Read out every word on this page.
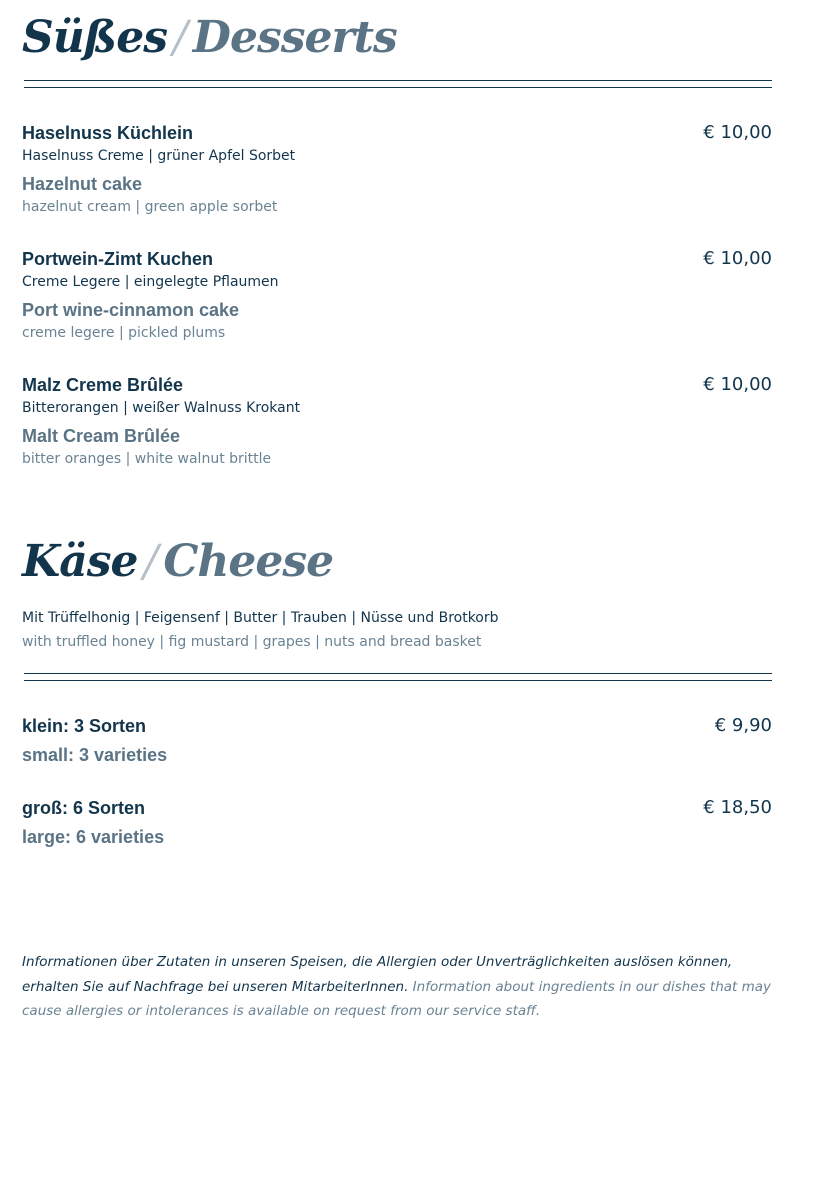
Süßes / Desserts
Haselnuss Küchlein
Haselnuss Creme | grüner Apfel Sorbet
Hazelnut cake
hazelnut cream | green apple sorbet
€ 10,00
Portwein-Zimt Kuchen
Creme Legere | eingelegte Pflaumen
Port wine-cinnamon cake
creme legere | pickled plums
€ 10,00
Malz Creme Brûlée
Bitterorangen | weißer Walnuss Krokant
Malt Cream Brûlée
bitter oranges | white walnut brittle
€ 10,00
Käse / Cheese
Mit Trüffelhonig | Feigensenf | Butter | Trauben | Nüsse und Brotkorb
with truffled honey | fig mustard | grapes | nuts and bread basket
klein: 3 Sorten
small: 3 varieties
€ 9,90
groß: 6 Sorten
large: 6 varieties
€ 18,50
Informationen über Zutaten in unseren Speisen, die Allergien oder Unverträglichkeiten auslösen können, erhalten Sie auf Nachfrage bei unseren MitarbeiterInnen. Information about ingredients in our dishes that may cause allergies or intolerances is available on request from our service staff.
